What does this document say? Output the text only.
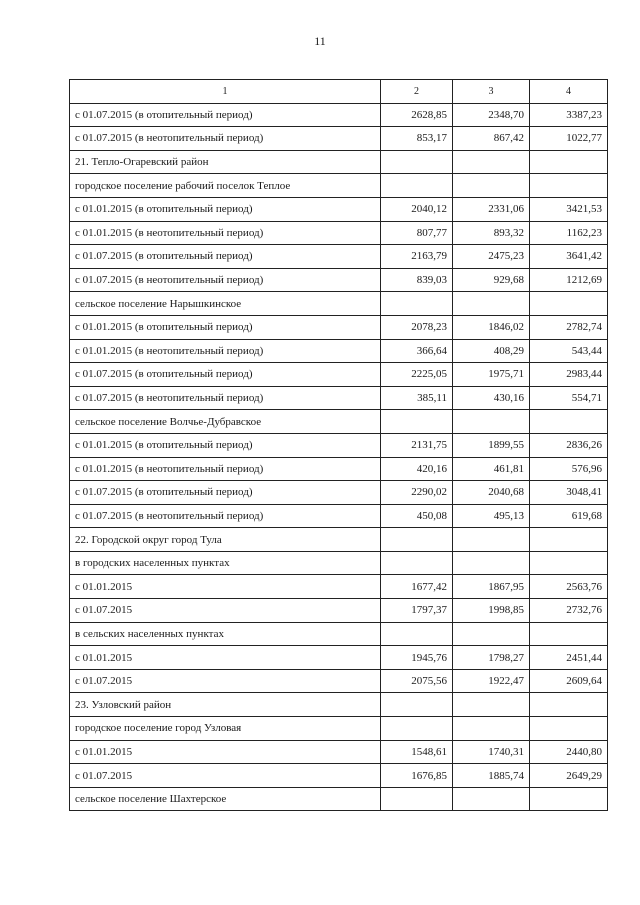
11
1	2	3	4
с 01.07.2015 (в отопительный период)	2628,85	2348,70	3387,23
с 01.07.2015 (в неотопительный период)	853,17	867,42	1022,77
21. Тепло-Огаревский район			
городское поселение рабочий поселок Теплое			
с 01.01.2015 (в отопительный период)	2040,12	2331,06	3421,53
с 01.01.2015 (в неотопительный период)	807,77	893,32	1162,23
с 01.07.2015 (в отопительный период)	2163,79	2475,23	3641,42
с 01.07.2015 (в неотопительный период)	839,03	929,68	1212,69
сельское поселение Нарышкинское			
с 01.01.2015 (в отопительный период)	2078,23	1846,02	2782,74
с 01.01.2015 (в неотопительный период)	366,64	408,29	543,44
с 01.07.2015 (в отопительный период)	2225,05	1975,71	2983,44
с 01.07.2015 (в неотопительный период)	385,11	430,16	554,71
сельское поселение Волчье-Дубравское			
с 01.01.2015 (в отопительный период)	2131,75	1899,55	2836,26
с 01.01.2015 (в неотопительный период)	420,16	461,81	576,96
с 01.07.2015 (в отопительный период)	2290,02	2040,68	3048,41
с 01.07.2015 (в неотопительный период)	450,08	495,13	619,68
22. Городской округ город Тула			
в городских населенных пунктах			
с 01.01.2015	1677,42	1867,95	2563,76
с 01.07.2015	1797,37	1998,85	2732,76
в сельских населенных пунктах			
с 01.01.2015	1945,76	1798,27	2451,44
с 01.07.2015	2075,56	1922,47	2609,64
23. Узловский район			
городское поселение город Узловая			
с 01.01.2015	1548,61	1740,31	2440,80
с 01.07.2015	1676,85	1885,74	2649,29
сельское поселение Шахтерское			
